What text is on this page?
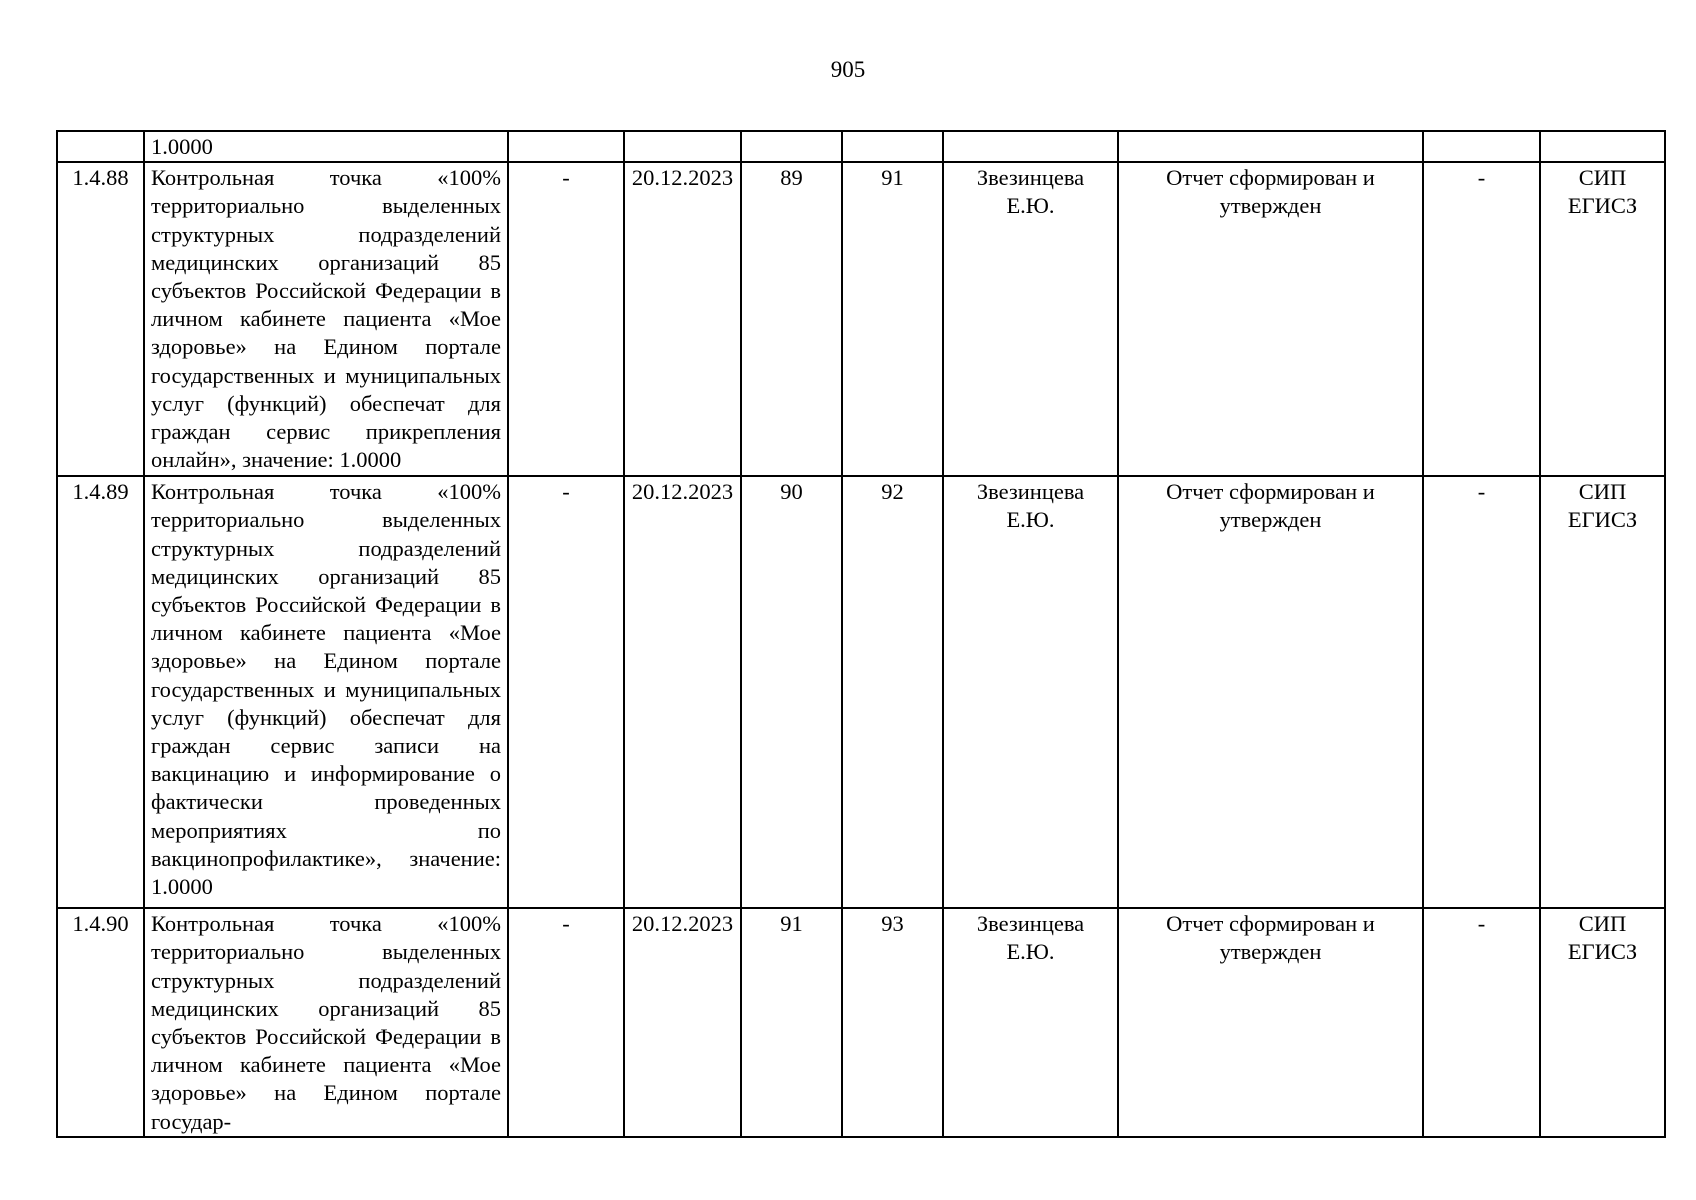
905
	1.0000								
1.4.88	Контрольная точка «100% территориально выделенных структурных подразделений медицинских организаций 85 субъектов Российской Федерации в личном кабинете пациента «Мое здоровье» на Едином портале государственных и муниципальных услуг (функций) обеспечат для граждан сервис прикрепления онлайн», значение: 1.0000	-	20.12.2023	89	91	Звезинцева Е.Ю.	Отчет сформирован и утвержден	-	СИП ЕГИСЗ
1.4.89	Контрольная точка «100% территориально выделенных структурных подразделений медицинских организаций 85 субъектов Российской Федерации в личном кабинете пациента «Мое здоровье» на Едином портале государственных и муниципальных услуг (функций) обеспечат для граждан сервис записи на вакцинацию и информирование о фактически проведенных мероприятиях по вакцинопрофилактике», значение: 1.0000	-	20.12.2023	90	92	Звезинцева Е.Ю.	Отчет сформирован и утвержден	-	СИП ЕГИСЗ
1.4.90	Контрольная точка «100% территориально выделенных структурных подразделений медицинских организаций 85 субъектов Российской Федерации в личном кабинете пациента «Мое здоровье» на Едином портале государ-	-	20.12.2023	91	93	Звезинцева Е.Ю.	Отчет сформирован и утвержден	-	СИП ЕГИСЗ
